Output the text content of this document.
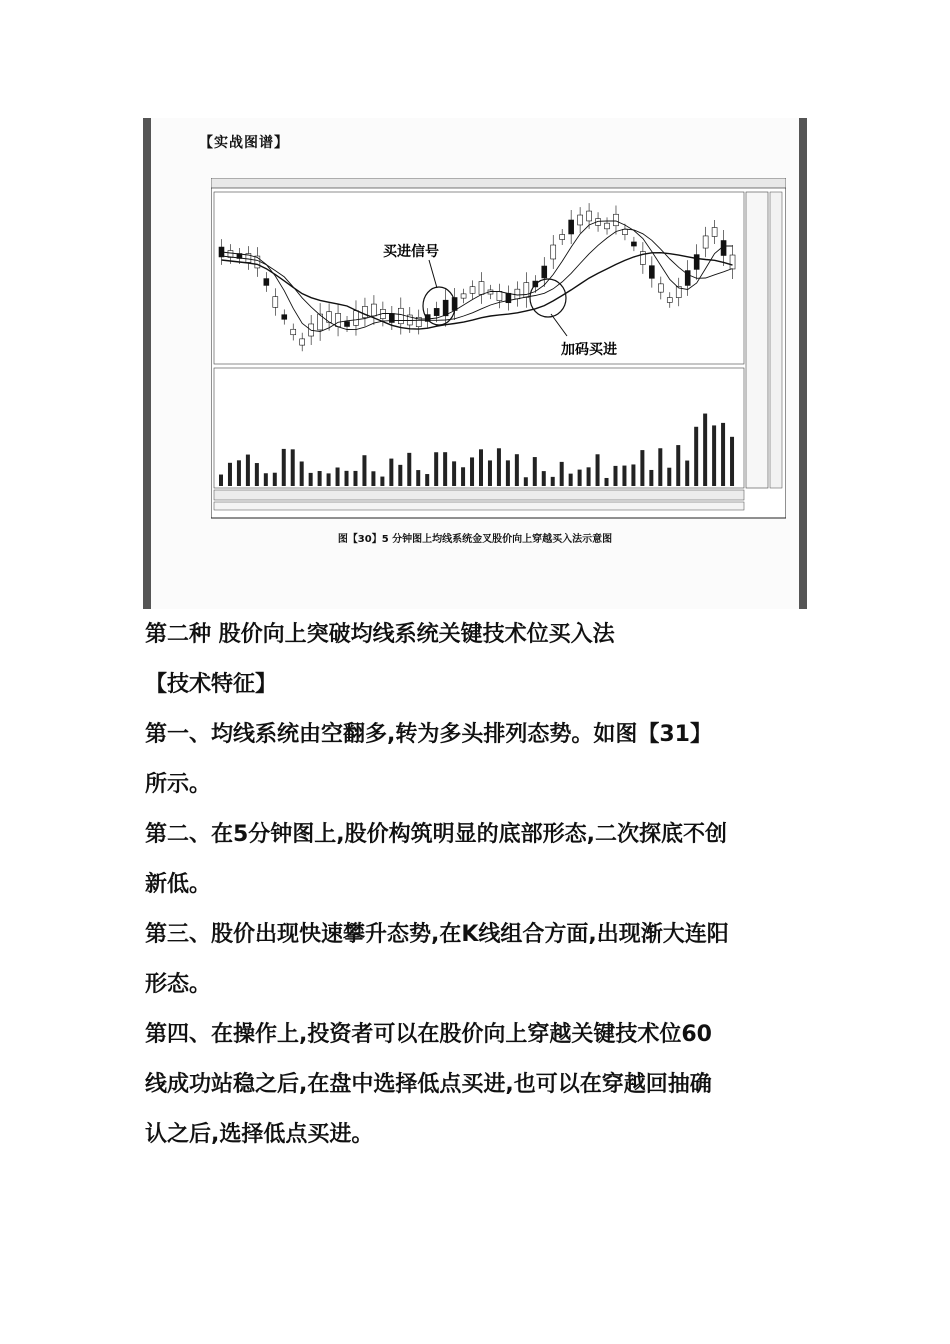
【实战图谱】
买进信号
加码买进
图【30】5 分钟图上均线系统金叉股价向上穿越买入法示意图

第二种 股价向上突破均线系统关键技术位买入法

【技术特征】

第一、均线系统由空翻多,转为多头排列态势。如图【31】

所示。

第二、在5分钟图上,股价构筑明显的底部形态,二次探底不创

新低。

第三、股价出现快速攀升态势,在K线组合方面,出现渐大连阳

形态。

第四、在操作上,投资者可以在股价向上穿越关键技术位60

线成功站稳之后,在盘中选择低点买进,也可以在穿越回抽确

认之后,选择低点买进。
